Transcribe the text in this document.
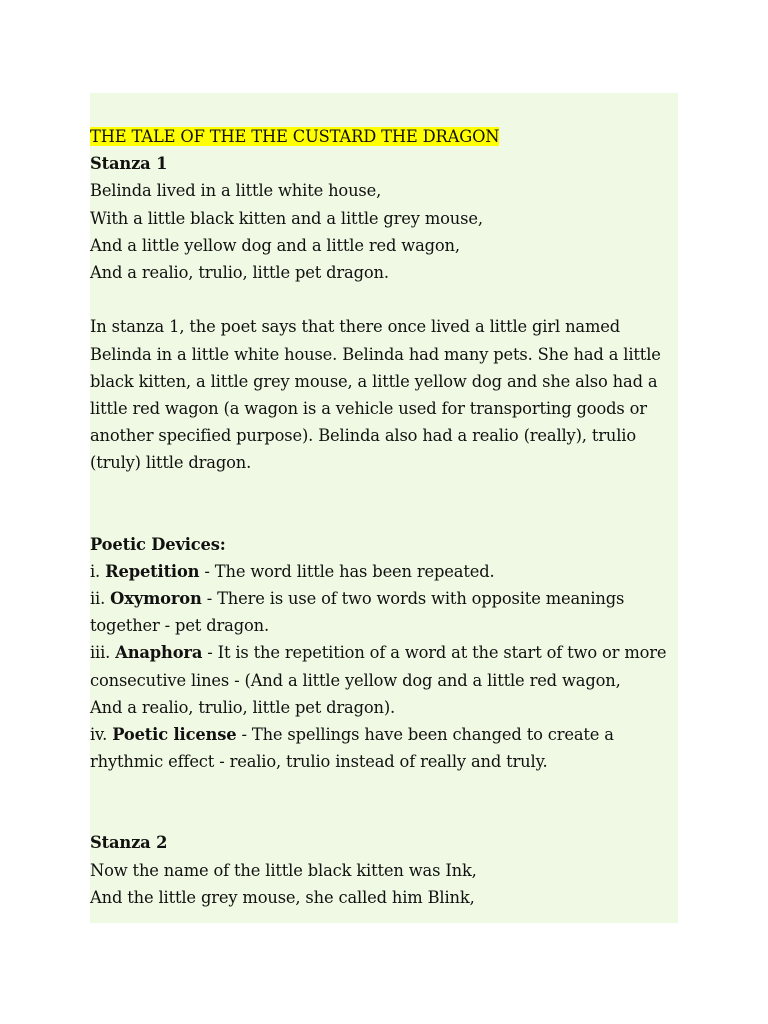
THE TALE OF THE THE CUSTARD THE DRAGON
Stanza 1
Belinda lived in a little white house,
With a little black kitten and a little grey mouse,
And a little yellow dog and a little red wagon,
And a realio, trulio, little pet dragon.
In stanza 1, the poet says that there once lived a little girl named
Belinda in a little white house. Belinda had many pets. She had a little
black kitten, a little grey mouse, a little yellow dog and she also had a
little red wagon (a wagon is a vehicle used for transporting goods or
another specified purpose). Belinda also had a realio (really), trulio
(truly) little dragon.
Poetic Devices:
i. Repetition - The word little has been repeated.
ii. Oxymoron - There is use of two words with opposite meanings
together - pet dragon.
iii. Anaphora - It is the repetition of a word at the start of two or more
consecutive lines - (And a little yellow dog and a little red wagon,
And a realio, trulio, little pet dragon).
iv. Poetic license - The spellings have been changed to create a
rhythmic effect - realio, trulio instead of really and truly.
Stanza 2
Now the name of the little black kitten was Ink,
And the little grey mouse, she called him Blink,
